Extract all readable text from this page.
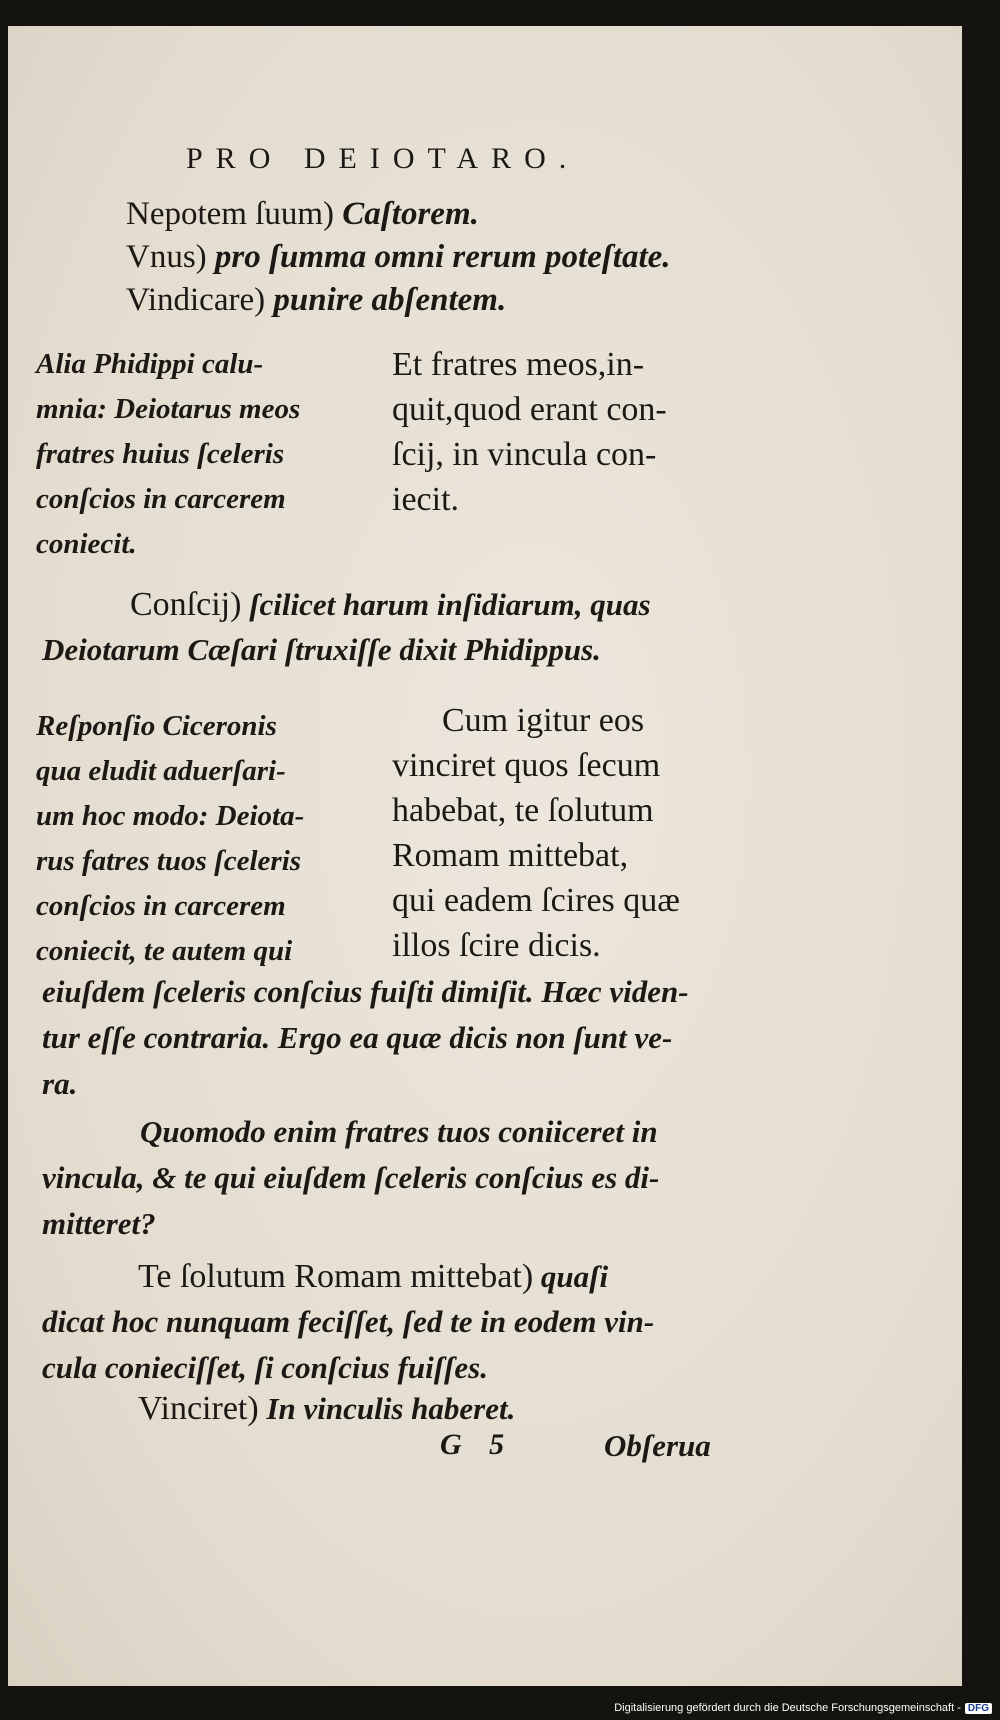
PRO DEIOTARO.
Nepotem ſuum) Caſtorem.
Vnus) pro ſumma omni rerum poteſtate.
Vindicare) punire abſentem.
Alia Phidippi calu-
mnia: Deiotarus meos
fratres huius ſceleris
conſcios in carcerem
coniecit.
Et fratres meos,in-
quit,quod erant con-
ſcij, in vincula con-
iecit.
Conſcij) ſcilicet harum inſidiarum, quas
Deiotarum Cæſari ſtruxiſſe dixit Phidippus.
Reſponſio Ciceronis
qua eludit aduerſari-
um hoc modo: Deiota-
rus fatres tuos ſceleris
conſcios in carcerem
coniecit, te autem qui
Cum igitur eos
vinciret quos ſecum
habebat, te ſolutum
Romam mittebat,
qui eadem ſcires quæ
illos ſcire dicis.
eiuſdem ſceleris conſcius fuiſti dimiſit. Hæc viden-
tur eſſe contraria. Ergo ea quæ dicis non ſunt ve-
ra.
Quomodo enim fratres tuos coniiceret in
vincula, & te qui eiuſdem ſceleris conſcius es di-
mitteret?
Te ſolutum Romam mittebat) quaſi
dicat hoc nunquam feciſſet, ſed te in eodem vin-
cula conieciſſet, ſi conſcius fuiſſes.
Vinciret) In vinculis haberet.
G 5	Obſerua
Digitalisierung gefördert durch die Deutsche Forschungsgemeinschaft - DFG
